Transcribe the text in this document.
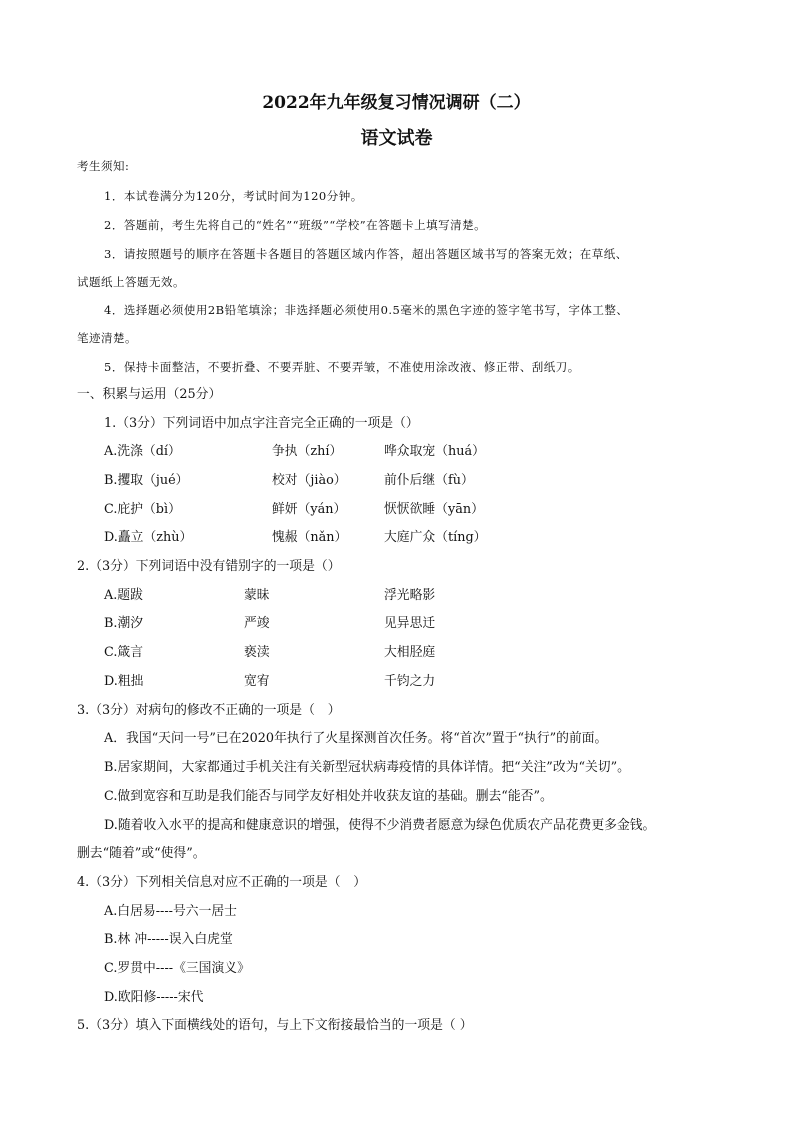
2022年九年级复习情况调研（二）
语文试卷
考生须知:
1．本试卷满分为120分，考试时间为120分钟。
2．答题前，考生先将自己的“姓名”“班级”“学校”在答题卡上填写清楚。
3．请按照题号的顺序在答题卡各题目的答题区域内作答，超出答题区域书写的答案无效；在草纸、
试题纸上答题无效。
4．选择题必须使用2B铅笔填涂；非选择题必须使用0.5毫米的黑色字迹的签字笔书写，字体工整、
笔迹清楚。
5．保持卡面整洁，不要折叠、不要弄脏、不要弄皱，不准使用涂改液、修正带、刮纸刀。
一、积累与运用（25分）
1.（3分）下列词语中加点字注音完全正确的一项是（）
A.洗涤（dí）	争执（zhí）	哗众取宠（huá）
B.攫取（jué）	校对（jiào）	前仆后继（fù）
C.庇护（bì）	鲜妍（yán）	恹恹欲睡（yān）
D.矗立（zhù）	愧赧（nǎn）	大庭广众（tíng）
2.（3分）下列词语中没有错别字的一项是（）
A.题跋	蒙昧	浮光略影
B.潮汐	严竣	见异思迁
C.箴言	亵渎	大相胫庭
D.粗拙	宽宥	千钧之力
3.（3分）对病句的修改不正确的一项是（　）
A．我国“天问一号”已在2020年执行了火星探测首次任务。将“首次”置于“执行”的前面。
B.居家期间，大家都通过手机关注有关新型冠状病毒疫情的具体详情。把“关注”改为“关切”。
C.做到宽容和互助是我们能否与同学友好相处并收获友谊的基础。删去“能否”。
D.随着收入水平的提高和健康意识的增强，使得不少消费者愿意为绿色优质农产品花费更多金钱。
删去“随着”或“使得”。
4.（3分）下列相关信息对应不正确的一项是（　）
A.白居易----号六一居士
B.林 冲-----误入白虎堂
C.罗贯中----《三国演义》
D.欧阳修-----宋代
5.（3分）填入下面横线处的语句，与上下文衔接最恰当的一项是（ ）
